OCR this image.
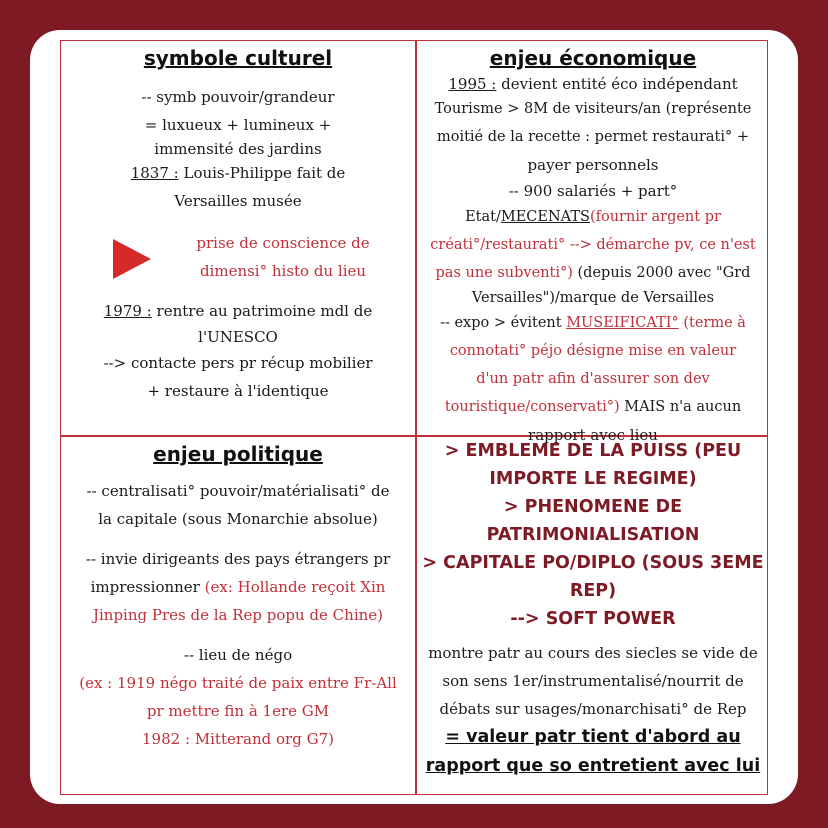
symbole culturel
-- symb pouvoir/grandeur
= luxueux + lumineux +
immensité des jardins
1837 : Louis-Philippe fait de
Versailles musée
prise de conscience de
dimensi° histo du lieu
1979 : rentre au patrimoine mdl de
l'UNESCO
--> contacte pers pr récup mobilier
+ restaure à l'identique
enjeu économique
1995 : devient entité éco indépendant
Tourisme > 8M de visiteurs/an (représente
moitié de la recette : permet restaurati° +
payer personnels
-- 900 salariés + part°
Etat/MECENATS(fournir argent pr
créati°/restaurati° --> démarche pv, ce n'est
pas une subventi°) (depuis 2000 avec "Grd
Versailles")/marque de Versailles
-- expo > évitent MUSEIFICATI° (terme à
connotati° péjo désigne mise en valeur
d'un patr afin d'assurer son dev
touristique/conservati°) MAIS n'a aucun
rapport avec lieu
enjeu politique
-- centralisati° pouvoir/matérialisati° de
la capitale (sous Monarchie absolue)
-- invie dirigeants des pays étrangers pr
impressionner (ex: Hollande reçoit Xin
Jinping Pres de la Rep popu de Chine)
-- lieu de négo
(ex : 1919 négo traité de paix entre Fr-All
pr mettre fin à 1ere GM
1982 : Mitterand org G7)
> EMBLEME DE LA PUISS (PEU
IMPORTE LE REGIME)
> PHENOMENE DE
PATRIMONIALISATION
> CAPITALE PO/DIPLO (SOUS 3EME
REP)
--> SOFT POWER
montre patr au cours des siecles se vide de
son sens 1er/instrumentalisé/nourrit de
débats sur usages/monarchisati° de Rep
= valeur patr tient d'abord au
rapport que so entretient avec lui
